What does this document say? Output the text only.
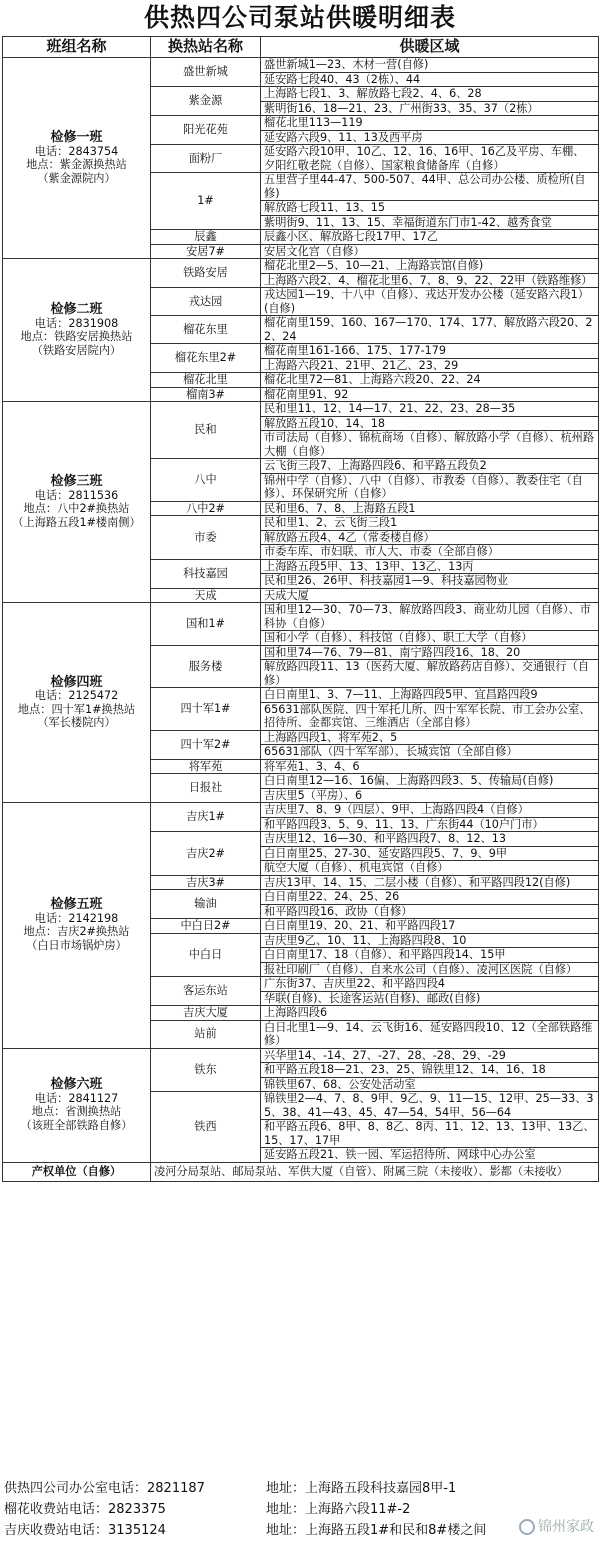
供热四公司泵站供暖明细表
班组名称	换热站名称	供暖区域

检修一班
电话：2843754
地点：紫金源换热站
（紫金源院内）	盛世新城	盛世新城1—23、木材一营(自修)
		延安路七段40、43（2栋）、44
	紫金源	上海路七段1、3、解放路七段2、4、6、28
		紫明街16、18—21、23、广州街33、35、37（2栋）
	阳光花苑	榴花北里113—119
		延安路六段9、11、13及西平房
	面粉厂	延安路六段10甲、10乙、12、16、16甲、16乙及平房、车棚、夕阳红敬老院（自修）、国家粮食储备库（自修）
	1#	五里营子里44-47、500-507、44甲、总公司办公楼、质检所(自修)
		解放路七段11、13、15
		紫明街9、11、13、15、幸福街道东门市1-42、越秀食堂
	辰鑫	辰鑫小区、解放路七段17甲、17乙
	安居7#	安居文化宫（自修）

检修二班
电话：2831908
地点：铁路安居换热站
（铁路安居院内）	铁路安居	榴花北里2—5、10—21、上海路宾馆(自修)
		上海路六段2、4、榴花北里6、7、8、9、22、22甲（铁路维修）
	戎达园	戎达园1—19、十八中（自修）、戎达开发办公楼（延安路六段1）(自修)
	榴花东里	榴花南里159、160、167—170、174、177、解放路六段20、22、24
	榴花东里2#	榴花南里161-166、175、177-179
		上海路六段21、21甲、21乙、23、29
	榴花北里	榴花北里72—81、上海路六段20、22、24
	榴南3#	榴花南里91、92

检修三班
电话：2811536
地点：八中2#换热站
（上海路五段1#楼南侧）	民和	民和里11、12、14—17、21、22、23、28—35
		解放路五段10、14、18
		市司法局（自修）、锦杭商场（自修）、解放路小学（自修）、杭州路大棚（自修）
	八中	云飞街三段7、上海路四段6、和平路五段负2
		锦州中学（自修）、八中（自修）、市教委（自修）、教委住宅（自修）、环保研究所（自修）
	八中2#	民和里6、7、8、上海路五段1
	市委	民和里1、2、云飞街三段1
		解放路五段4、4乙（常委楼自修）
		市委车库、市妇联、市人大、市委（全部自修）
	科技嘉园	上海路五段5甲、13、13甲、13乙、13丙
		民和里26、26甲、科技嘉园1—9、科技嘉园物业
	天成	天成大厦

检修四班
电话：2125472
地点：四十军1#换热站
（军长楼院内）	国和1#	国和里12—30、70—73、解放路四段3、商业幼儿园（自修）、市科协（自修）
		国和小学（自修）、科技馆（自修）、职工大学（自修）
	服务楼	国和里74—76、79—81、南宁路四段16、18、20
		解放路四段11、13（医药大厦、解放路药店自修）、交通银行（自修）
	四十军1#	白日南里1、3、7—11、上海路四段5甲、宜昌路四段9
		65631部队医院、四十军托儿所、四十军军长院、市工会办公室、招待所、金都宾馆、三维酒店（全部自修）
	四十军2#	上海路四段1、将军苑2、5
		65631部队（四十军军部）、长城宾馆（全部自修）
	将军苑	将军苑1、3、4、6
	日报社	白日南里12—16、16偏、上海路四段3、5、传输局(自修)
		吉庆里5（平房）、6

检修五班
电话：2142198
地点：吉庆2#换热站
（白日市场锅炉房）	吉庆1#	吉庆里7、8、9（四层）、9甲、上海路四段4（自修）
		和平路四段3、5、9、11、13、广东街44（10户门市）
	吉庆2#	吉庆里12、16—30、和平路四段7、8、12、13
		白日南里25、27-30、延安路四段5、7、9、9甲
		航空大厦（自修）、机电宾馆（自修）
	吉庆3#	吉庆13甲、14、15、二层小楼（自修）、和平路四段12(自修)
	输油	白日南里22、24、25、26
		和平路四段16、政协（自修）
	中白日2#	白日南里19、20、21、和平路四段17
	中白日	吉庆里9乙、10、11、上海路四段8、10
		白日南里17、18（自修）、和平路四段14、15甲
		报社印刷厂（自修）、自来水公司（自修）、凌河区医院（自修）
	客运东站	广东街37、吉庆里22、和平路四段4
		华联(自修)、长途客运站(自修)、邮政(自修)
	吉庆大厦	上海路四段6
	站前	白日北里1—9、14、云飞街16、延安路四段10、12（全部铁路维修）

检修六班
电话：2841127
地点：省测换热站
（该班全部铁路自修）	铁东	兴华里14、-14、27、-27、28、-28、29、-29
		和平路五段18—21、23、25、锦铁里12、14、16、18
		锦铁里67、68、公安处活动室
	铁西	锦铁里2—4、7、8、9甲、9乙、9、11—15、12甲、25—33、35、38、41—43、45、47—54、54甲、56—64
		和平路五段6、8甲、8、8乙、8丙、11、12、13、13甲、13乙、15、17、17甲
		延安路五段21、铁一园、军运招待所、网球中心办公室
产权单位（自修）	凌河分局泵站、邮局泵站、军供大厦（自管）、附属三院（未接收）、影都（未接收）	
供热四公司办公室电话：2821187	地址：上海路五段科技嘉园8甲-1
榴花收费站电话：2823375	地址：上海路六段11#-2
吉庆收费站电话：3135124	地址：上海路五段1#和民和8#楼之间	锦州家政
